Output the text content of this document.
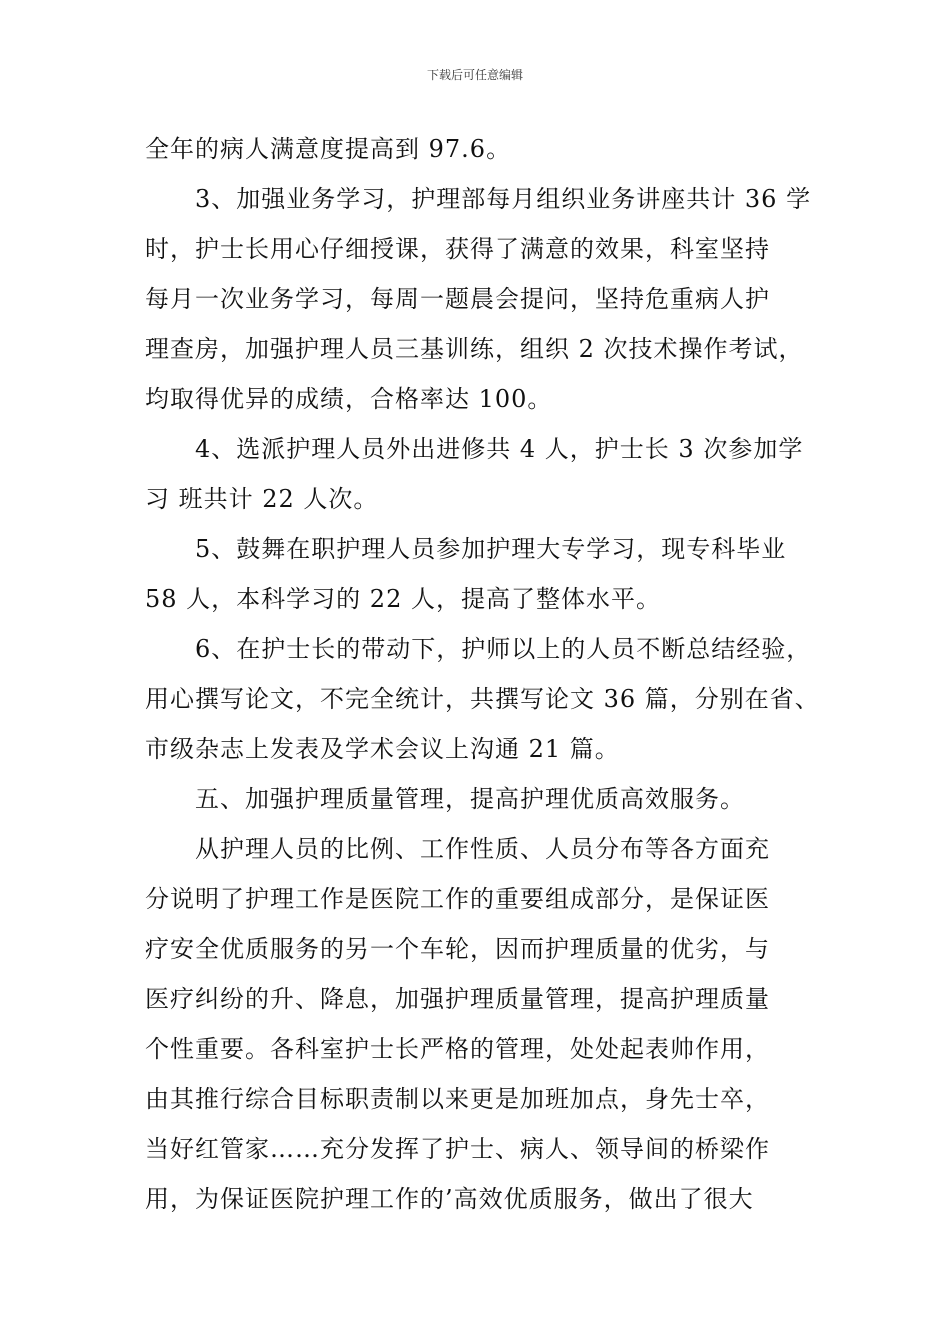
下载后可任意编辑
全年的病人满意度提高到 97.6。
3、加强业务学习，护理部每月组织业务讲座共计 36 学
时，护士长用心仔细授课，获得了满意的效果，科室坚持
每月一次业务学习，每周一题晨会提问，坚持危重病人护
理查房，加强护理人员三基训练，组织 2 次技术操作考试，
均取得优异的成绩，合格率达 100。
4、选派护理人员外出进修共 4 人，护士长 3 次参加学
习 班共计 22 人次。
5、鼓舞在职护理人员参加护理大专学习，现专科毕业
58 人，本科学习的 22 人，提高了整体水平。
6、在护士长的带动下，护师以上的人员不断总结经验，
用心撰写论文，不完全统计，共撰写论文 36 篇，分别在省、
市级杂志上发表及学术会议上沟通 21 篇。
五、加强护理质量管理，提高护理优质高效服务。
从护理人员的比例、工作性质、人员分布等各方面充
分说明了护理工作是医院工作的重要组成部分，是保证医
疗安全优质服务的另一个车轮，因而护理质量的优劣，与
医疗纠纷的升、降息，加强护理质量管理，提高护理质量
个性重要。各科室护士长严格的管理，处处起表帅作用，
由其推行综合目标职责制以来更是加班加点，身先士卒，
当好红管家……充分发挥了护士、病人、领导间的桥梁作
用，为保证医院护理工作的’高效优质服务，做出了很大
